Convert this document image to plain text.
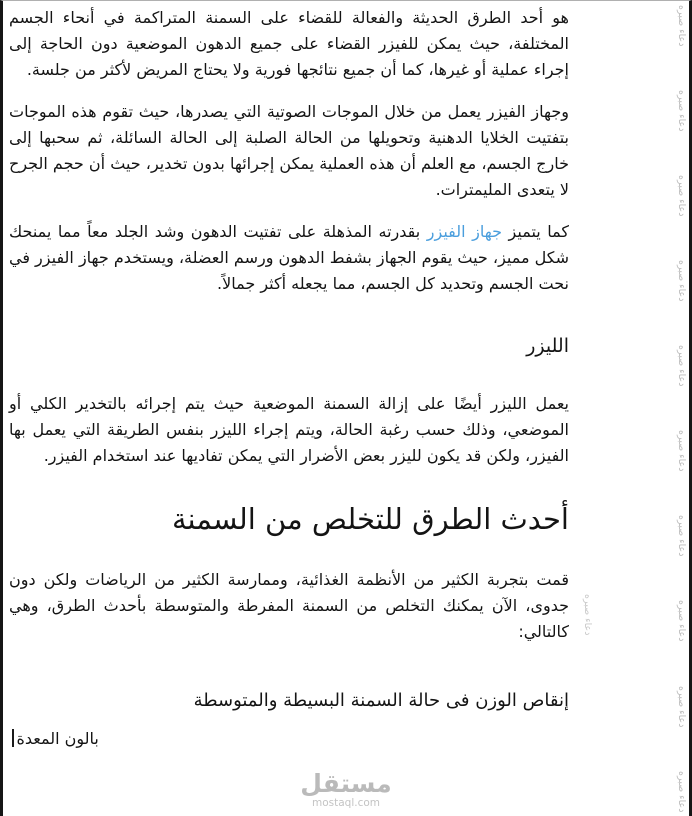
هو أحد الطرق الحديثة والفعالة للقضاء على السمنة المتراكمة في أنحاء الجسم المختلفة، حيث يمكن للفيزر القضاء على جميع الدهون الموضعية دون الحاجة إلى إجراء عملية أو غيرها، كما أن جميع نتائجها فورية ولا يحتاج المريض لأكثر من جلسة.

وجهاز الفيزر يعمل من خلال الموجات الصوتية التي يصدرها، حيث تقوم هذه الموجات بتفتيت الخلايا الدهنية وتحويلها من الحالة الصلبة إلى الحالة السائلة، ثم سحبها إلى خارج الجسم، مع العلم أن هذه العملية يمكن إجرائها بدون تخدير، حيث أن حجم الجرح لا يتعدى المليمترات.

كما يتميز جهاز الفيزر بقدرته المذهلة على تفتيت الدهون وشد الجلد معاً مما يمنحك شكل مميز، حيث يقوم الجهاز بشفط الدهون ورسم العضلة، ويستخدم جهاز الفيزر في نحت الجسم وتحديد كل الجسم، مما يجعله أكثر جمالاً.

الليزر

يعمل الليزر أيضًا على إزالة السمنة الموضعية حيث يتم إجرائه بالتخدير الكلي أو الموضعي، وذلك حسب رغبة الحالة، ويتم إجراء الليزر بنفس الطريقة التي يعمل بها الفيزر، ولكن قد يكون لليزر بعض الأضرار التي يمكن تفاديها عند استخدام الفيزر.

أحدث الطرق للتخلص من السمنة

قمت بتجربة الكثير من الأنظمة الغذائية، وممارسة الكثير من الرياضات ولكن دون جدوى، الآن يمكنك التخلص من السمنة المفرطة والمتوسطة بأحدث الطرق، وهي كالتالي:

إنقاص الوزن فى حالة السمنة البسيطة والمتوسطة
بالون المعدة
دعاء صبره
دعاء صبره
دعاء صبره
دعاء صبره
دعاء صبره
دعاء صبره
دعاء صبره
دعاء صبره
دعاء صبره
دعاء صبره
دعاء صبره
مستقل
mostaql.com
